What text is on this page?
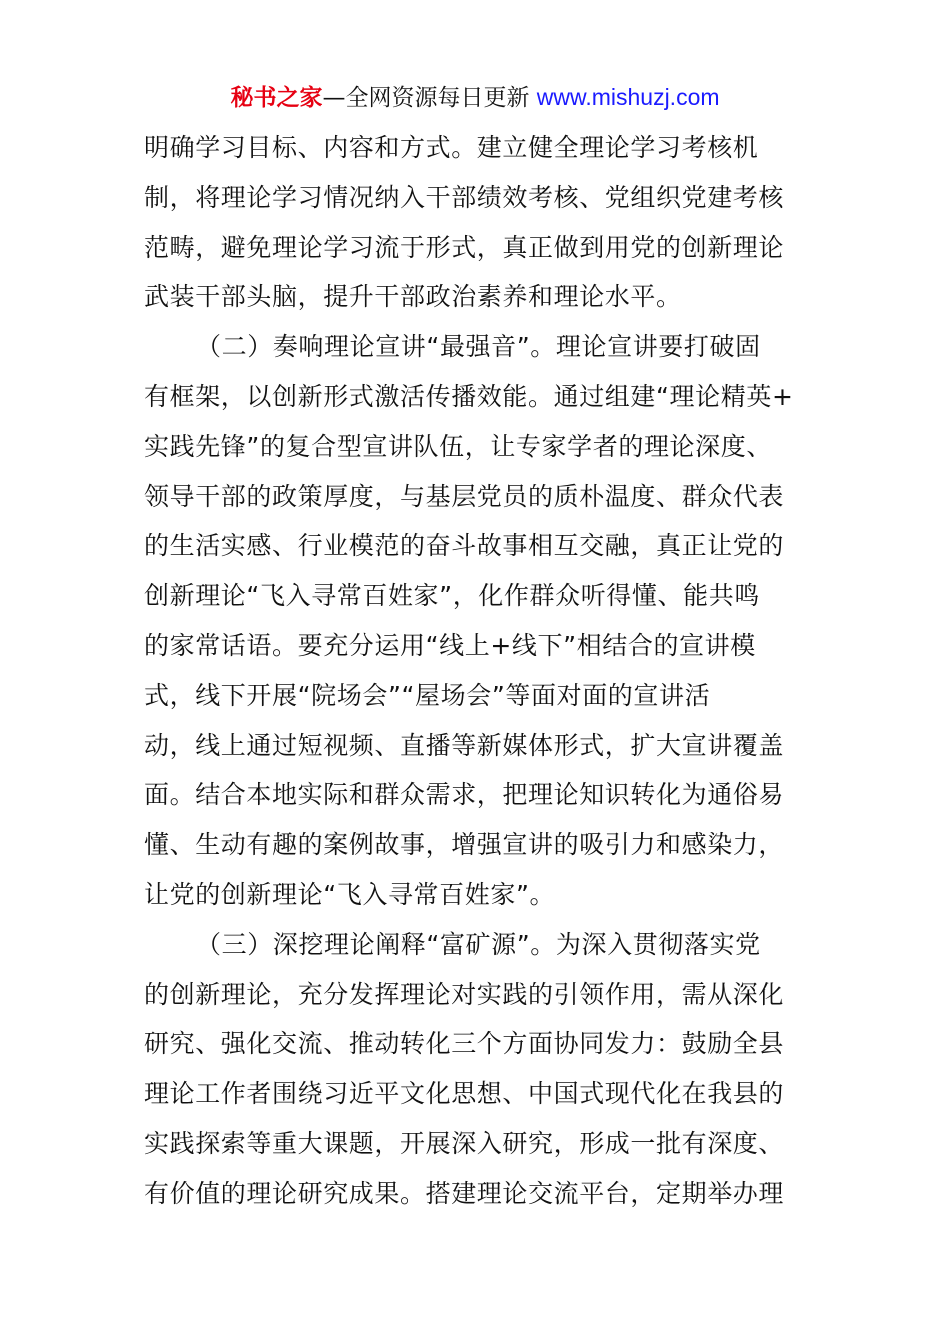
秘书之家—全网资源每日更新 www.mishuzj.com
明确学习目标、内容和方式。建立健全理论学习考核机
制，将理论学习情况纳入干部绩效考核、党组织党建考核
范畴，避免理论学习流于形式，真正做到用党的创新理论
武装干部头脑，提升干部政治素养和理论水平。
（二）奏响理论宣讲“最强音”。理论宣讲要打破固
有框架，以创新形式激活传播效能。通过组建“理论精英+
实践先锋”的复合型宣讲队伍，让专家学者的理论深度、
领导干部的政策厚度，与基层党员的质朴温度、群众代表
的生活实感、行业模范的奋斗故事相互交融，真正让党的
创新理论“飞入寻常百姓家”，化作群众听得懂、能共鸣
的家常话语。要充分运用“线上+线下”相结合的宣讲模
式，线下开展“院场会”“屋场会”等面对面的宣讲活
动，线上通过短视频、直播等新媒体形式，扩大宣讲覆盖
面。结合本地实际和群众需求，把理论知识转化为通俗易
懂、生动有趣的案例故事，增强宣讲的吸引力和感染力，
让党的创新理论“飞入寻常百姓家”。
（三）深挖理论阐释“富矿源”。为深入贯彻落实党
的创新理论，充分发挥理论对实践的引领作用，需从深化
研究、强化交流、推动转化三个方面协同发力：鼓励全县
理论工作者围绕习近平文化思想、中国式现代化在我县的
实践探索等重大课题，开展深入研究，形成一批有深度、
有价值的理论研究成果。搭建理论交流平台，定期举办理
